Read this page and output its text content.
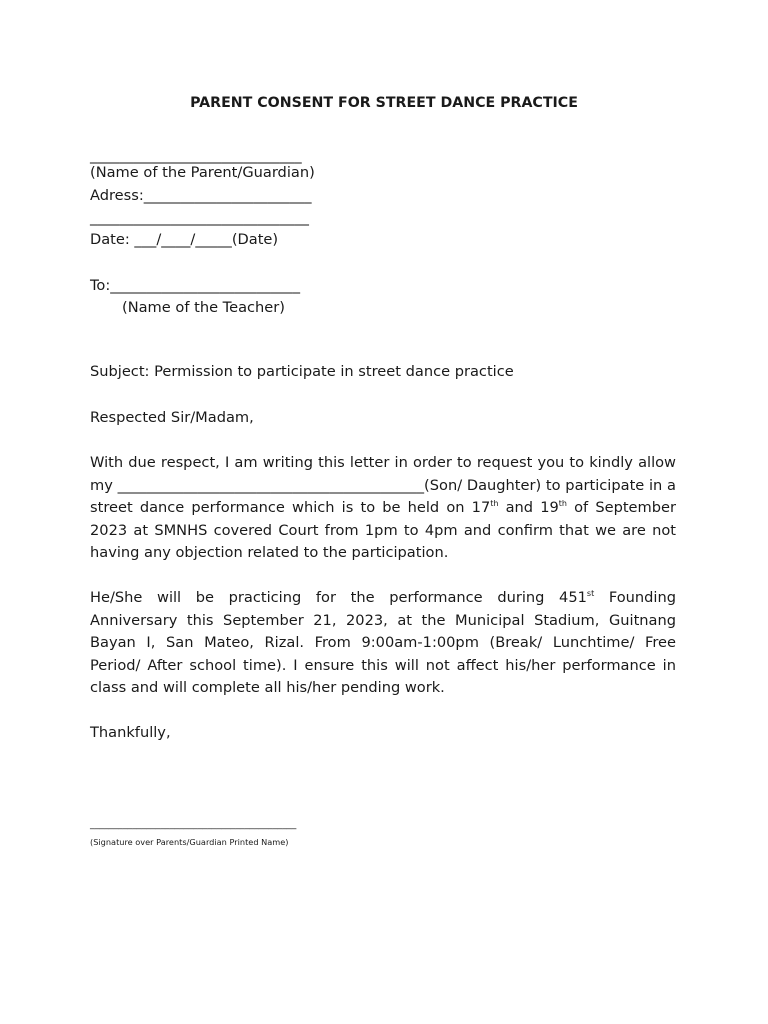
PARENT CONSENT FOR STREET DANCE PRACTICE
_____________________________
(Name of the Parent/Guardian)
Adress:_______________________
______________________________
Date: ___/____/_____(Date)
To:__________________________
(Name of the Teacher)
Subject: Permission to participate in street dance practice
Respected Sir/Madam,
With due respect, I am writing this letter in order to request you to kindly allow my __________________________________________(Son/ Daughter) to participate in a street dance performance which is to be held on 17th and 19th of September 2023 at SMNHS covered Court from 1pm to 4pm and confirm that we are not having any objection related to the participation.
He/She will be practicing for the performance during 451st Founding Anniversary this September 21, 2023, at the Municipal Stadium, Guitnang Bayan I, San Mateo, Rizal. From 9:00am-1:00pm (Break/ Lunchtime/ Free Period/ After school time). I ensure this will not affect his/her performance in class and will complete all his/her pending work.
Thankfully,
____________________________________________
(Signature over Parents/Guardian Printed Name)
